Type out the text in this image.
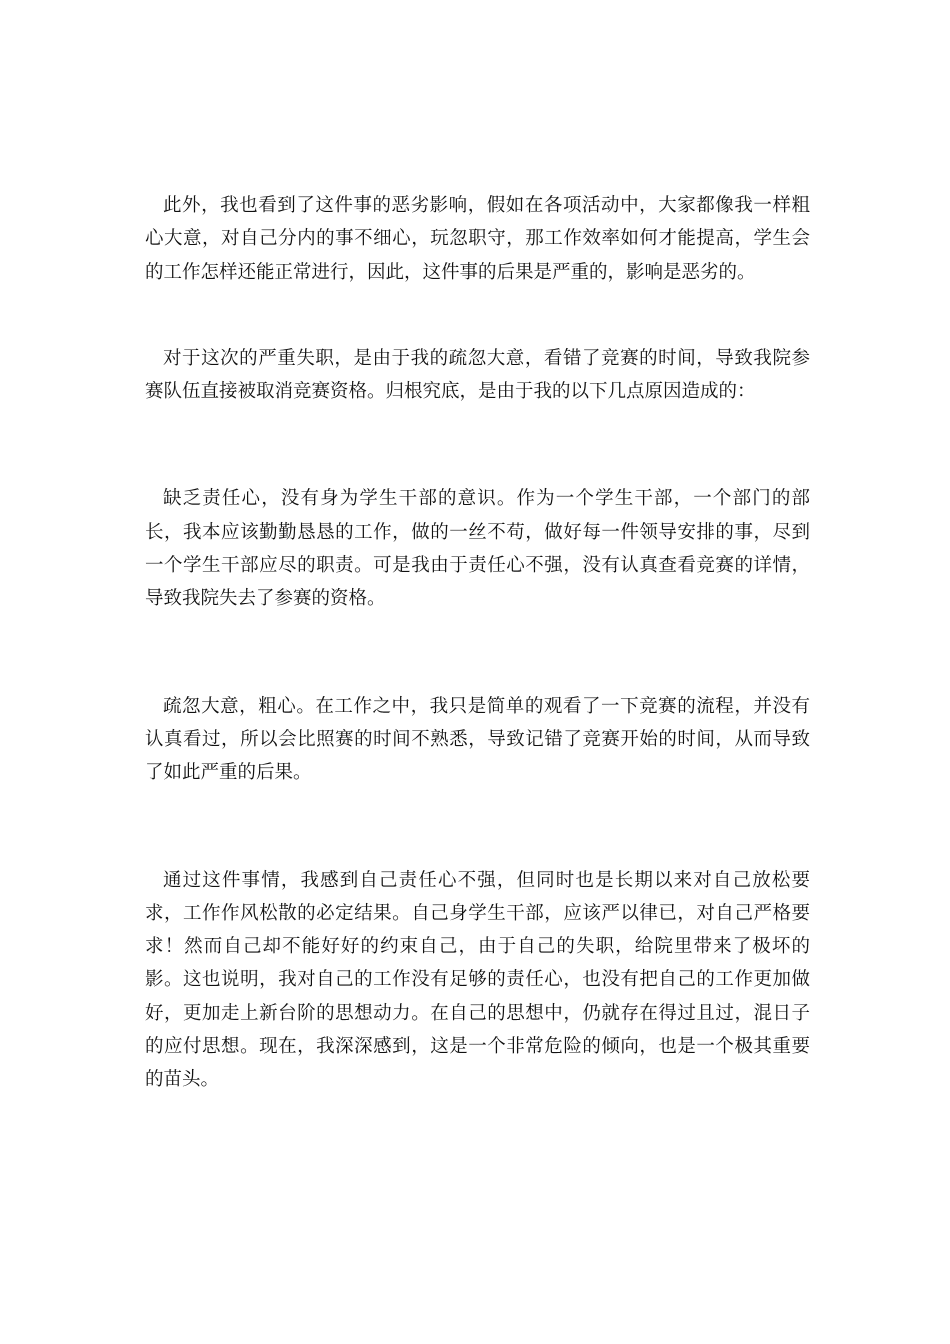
此外，我也看到了这件事的恶劣影响，假如在各项活动中，大家都像我一样粗心大意，对自己分内的事不细心，玩忽职守，那工作效率如何才能提高，学生会的工作怎样还能正常进行，因此，这件事的后果是严重的，影响是恶劣的。

对于这次的严重失职，是由于我的疏忽大意，看错了竞赛的时间，导致我院参赛队伍直接被取消竞赛资格。归根究底，是由于我的以下几点原因造成的：

缺乏责任心，没有身为学生干部的意识。作为一个学生干部，一个部门的部长，我本应该勤勤恳恳的工作，做的一丝不苟，做好每一件领导安排的事，尽到一个学生干部应尽的职责。可是我由于责任心不强，没有认真查看竞赛的详情，导致我院失去了参赛的资格。

疏忽大意，粗心。在工作之中，我只是简单的观看了一下竞赛的流程，并没有认真看过，所以会比照赛的时间不熟悉，导致记错了竞赛开始的时间，从而导致了如此严重的后果。

通过这件事情，我感到自己责任心不强，但同时也是长期以来对自己放松要求，工作作风松散的必定结果。自己身学生干部，应该严以律已，对自己严格要求！然而自己却不能好好的约束自己，由于自己的失职，给院里带来了极坏的影。这也说明，我对自己的工作没有足够的责任心，也没有把自己的工作更加做好，更加走上新台阶的思想动力。在自己的思想中，仍就存在得过且过，混日子的应付思想。现在，我深深感到，这是一个非常危险的倾向，也是一个极其重要的苗头。
